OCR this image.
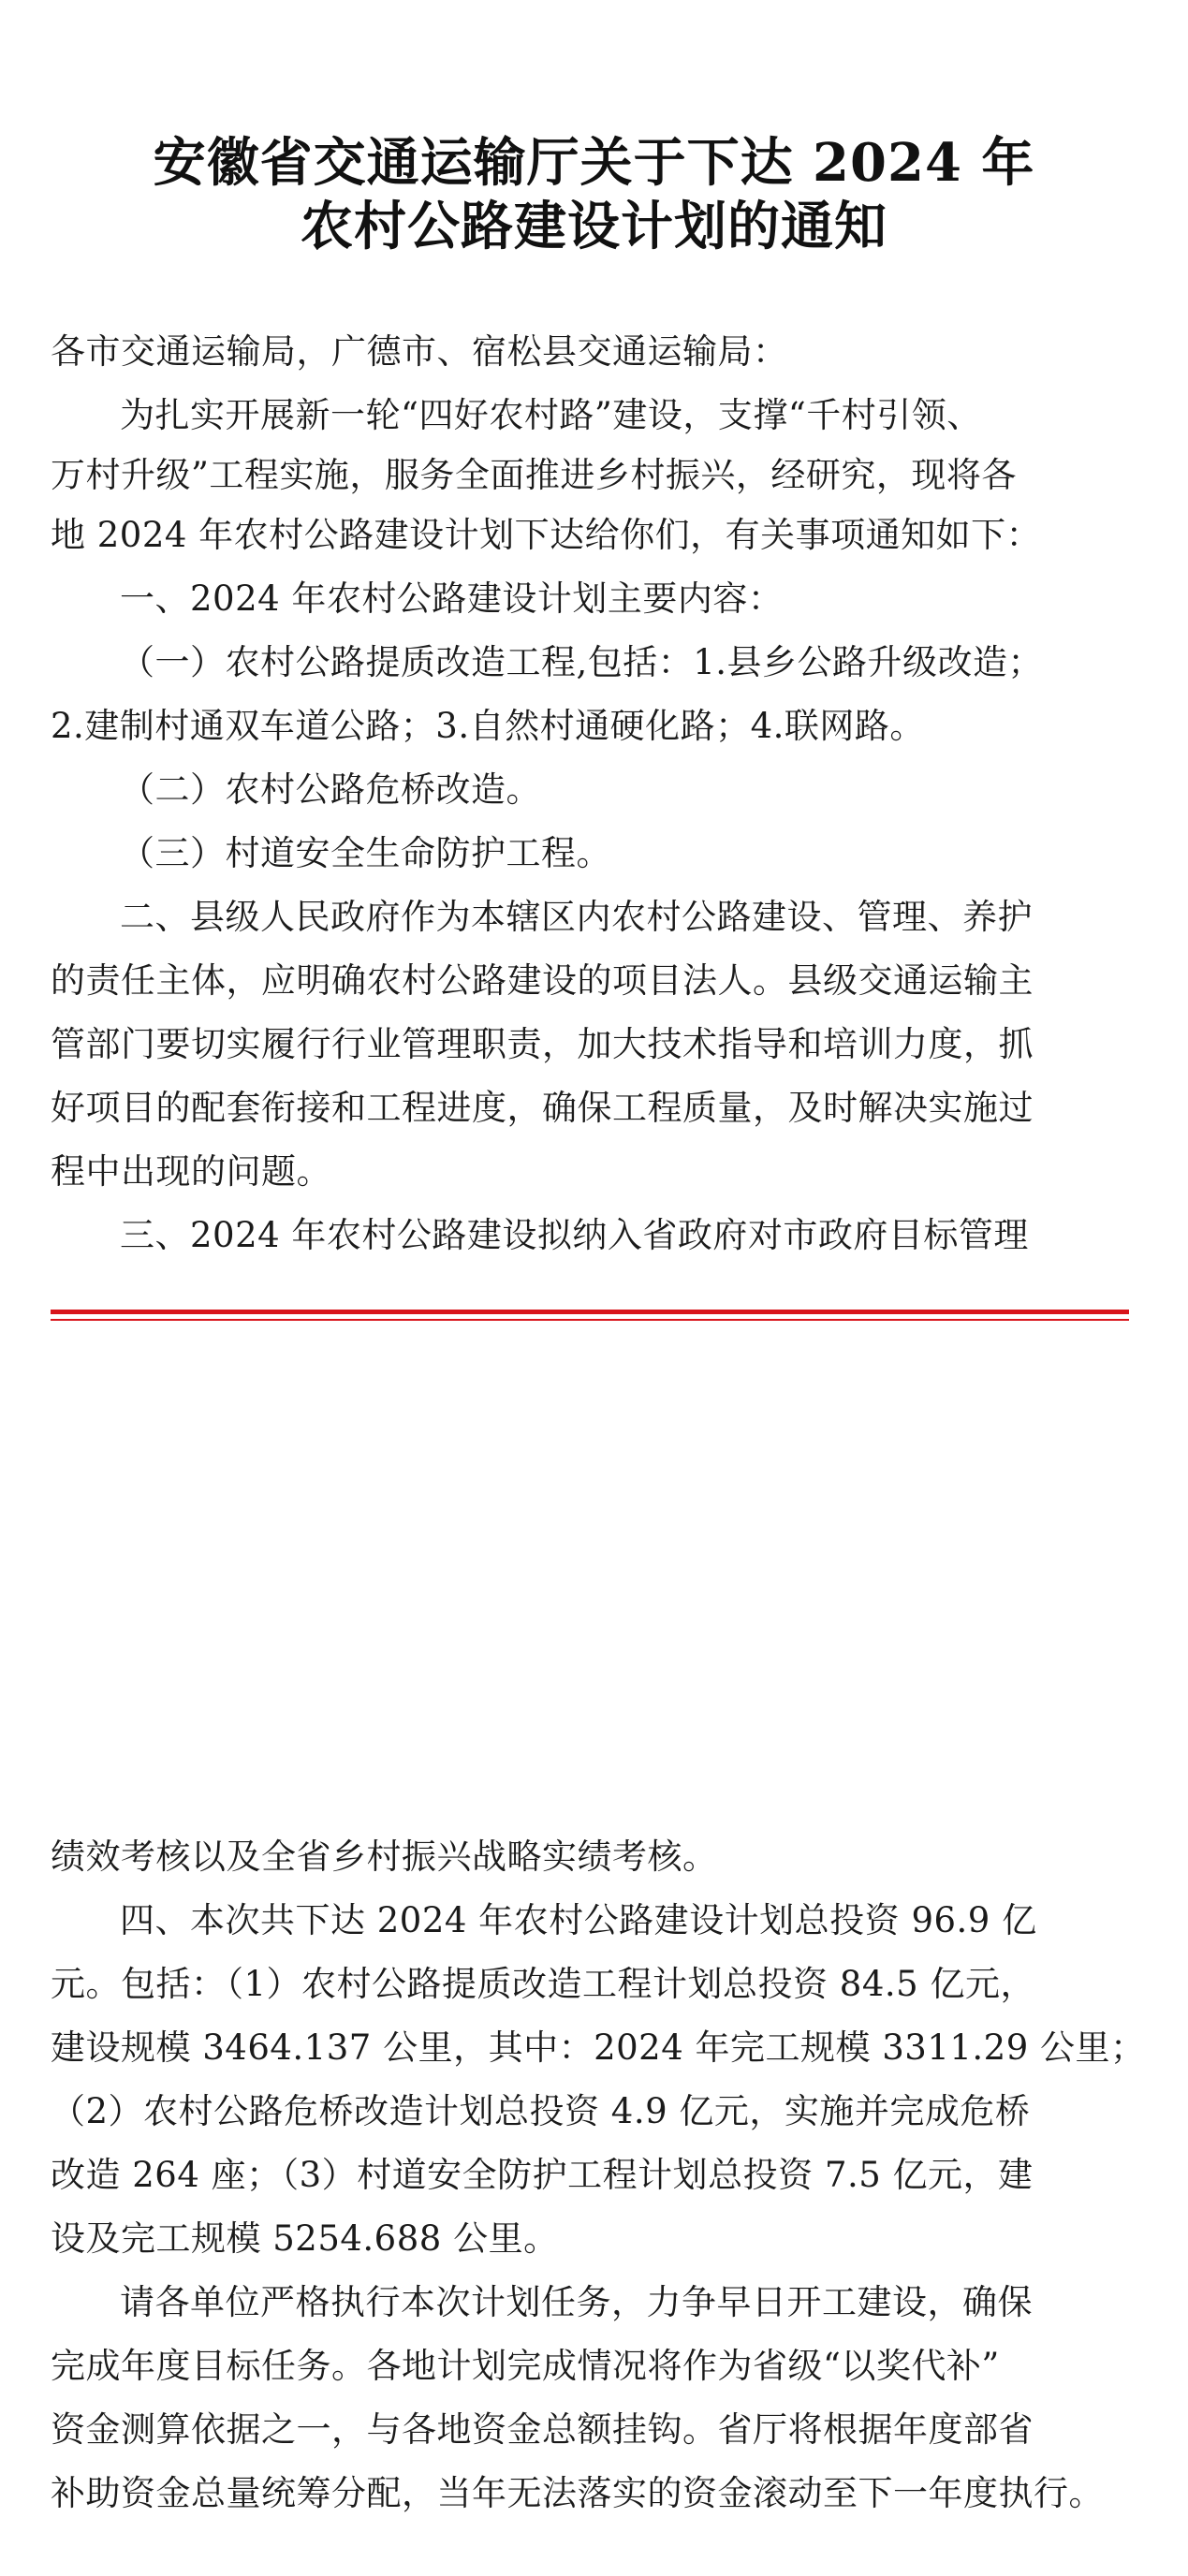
安徽省交通运输厅关于下达 2024 年
农村公路建设计划的通知
各市交通运输局，广德市、宿松县交通运输局：
为扎实开展新一轮“四好农村路”建设，支撑“千村引领、
万村升级”工程实施，服务全面推进乡村振兴，经研究，现将各
地 2024 年农村公路建设计划下达给你们，有关事项通知如下：
一、2024 年农村公路建设计划主要内容：
（一）农村公路提质改造工程,包括：1.县乡公路升级改造；
2.建制村通双车道公路；3.自然村通硬化路；4.联网路。
（二）农村公路危桥改造。
（三）村道安全生命防护工程。
二、县级人民政府作为本辖区内农村公路建设、管理、养护
的责任主体，应明确农村公路建设的项目法人。县级交通运输主
管部门要切实履行行业管理职责，加大技术指导和培训力度，抓
好项目的配套衔接和工程进度，确保工程质量，及时解决实施过
程中出现的问题。
三、2024 年农村公路建设拟纳入省政府对市政府目标管理
绩效考核以及全省乡村振兴战略实绩考核。
四、本次共下达 2024 年农村公路建设计划总投资 96.9 亿
元。包括：（1）农村公路提质改造工程计划总投资 84.5 亿元，
建设规模 3464.137 公里，其中：2024 年完工规模 3311.29 公里；
（2）农村公路危桥改造计划总投资 4.9 亿元，实施并完成危桥
改造 264 座；（3）村道安全防护工程计划总投资 7.5 亿元，建
设及完工规模 5254.688 公里。
请各单位严格执行本次计划任务，力争早日开工建设，确保
完成年度目标任务。各地计划完成情况将作为省级“以奖代补”
资金测算依据之一，与各地资金总额挂钩。省厅将根据年度部省
补助资金总量统筹分配，当年无法落实的资金滚动至下一年度执行。
